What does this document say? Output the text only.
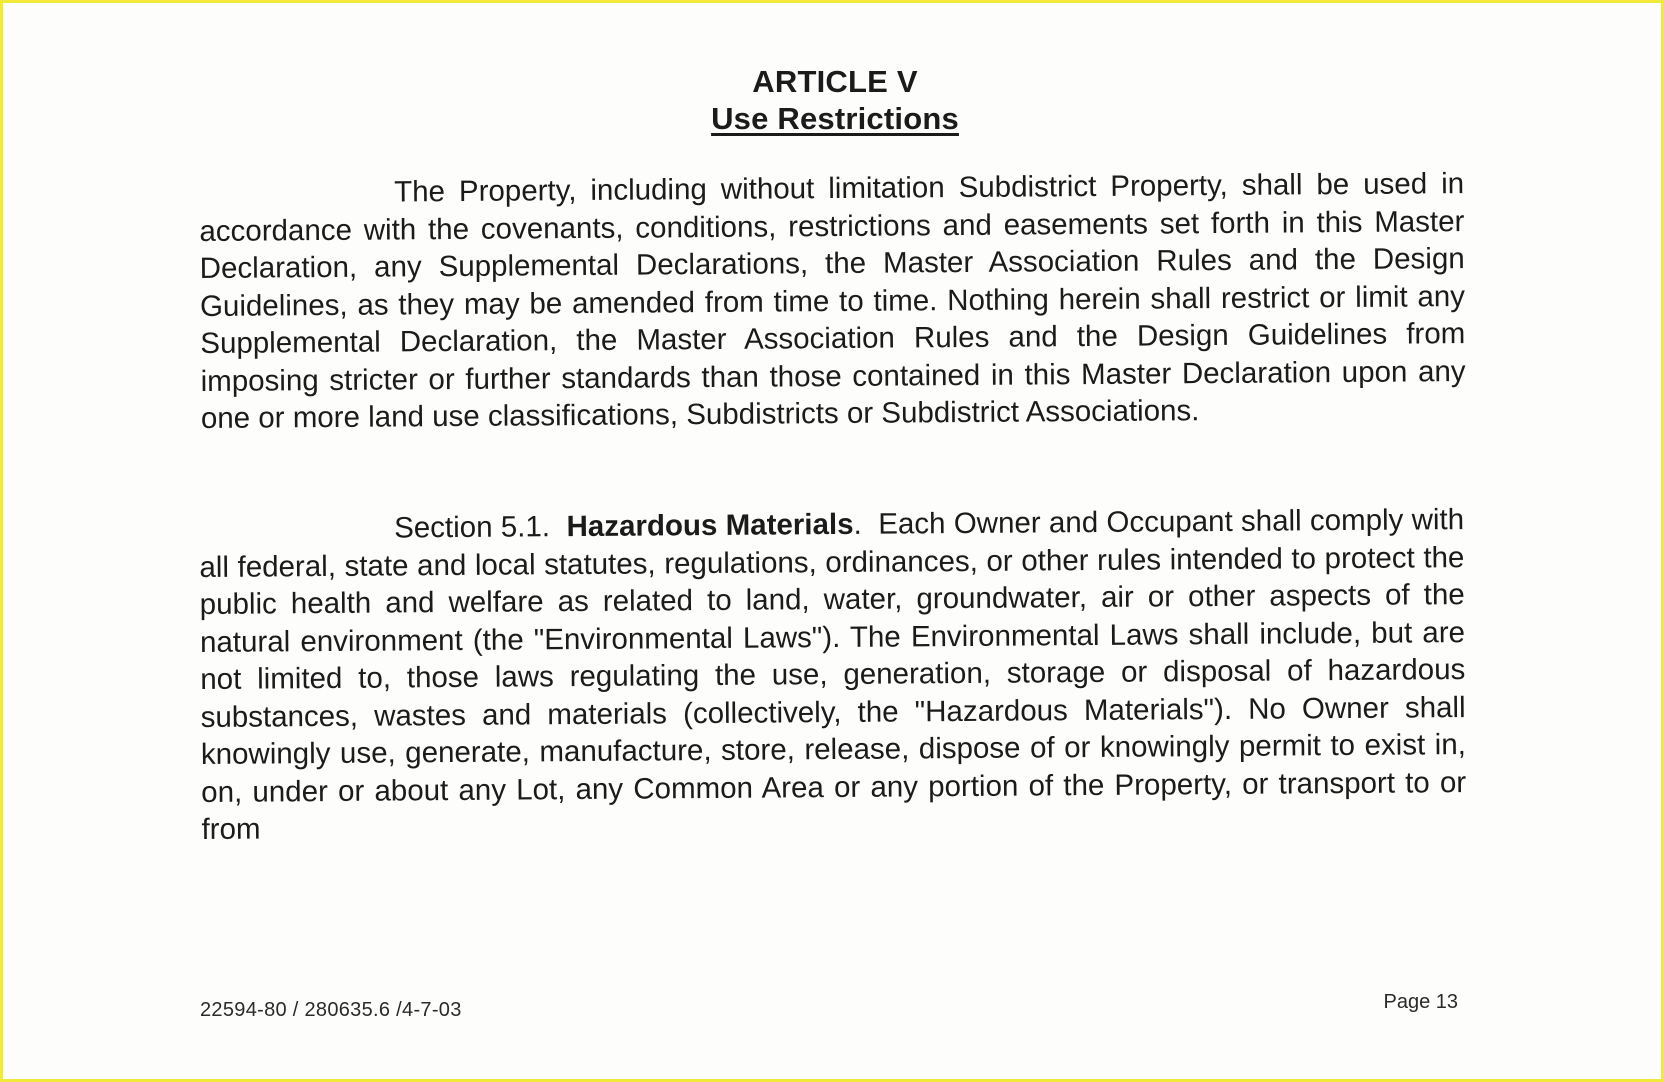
ARTICLE V
Use Restrictions

The Property, including without limitation Subdistrict Property, shall be used in accordance with the covenants, conditions, restrictions and easements set forth in this Master Declaration, any Supplemental Declarations, the Master Association Rules and the Design Guidelines, as they may be amended from time to time. Nothing herein shall restrict or limit any Supplemental Declaration, the Master Association Rules and the Design Guidelines from imposing stricter or further standards than those contained in this Master Declaration upon any one or more land use classifications, Subdistricts or Subdistrict Associations.

Section 5.1. Hazardous Materials. Each Owner and Occupant shall comply with all federal, state and local statutes, regulations, ordinances, or other rules intended to protect the public health and welfare as related to land, water, groundwater, air or other aspects of the natural environment (the "Environmental Laws"). The Environmental Laws shall include, but are not limited to, those laws regulating the use, generation, storage or disposal of hazardous substances, wastes and materials (collectively, the "Hazardous Materials"). No Owner shall knowingly use, generate, manufacture, store, release, dispose of or knowingly permit to exist in, on, under or about any Lot, any Common Area or any portion of the Property, or transport to or from

22594-80 / 280635.6 /4-7-03	Page 13
